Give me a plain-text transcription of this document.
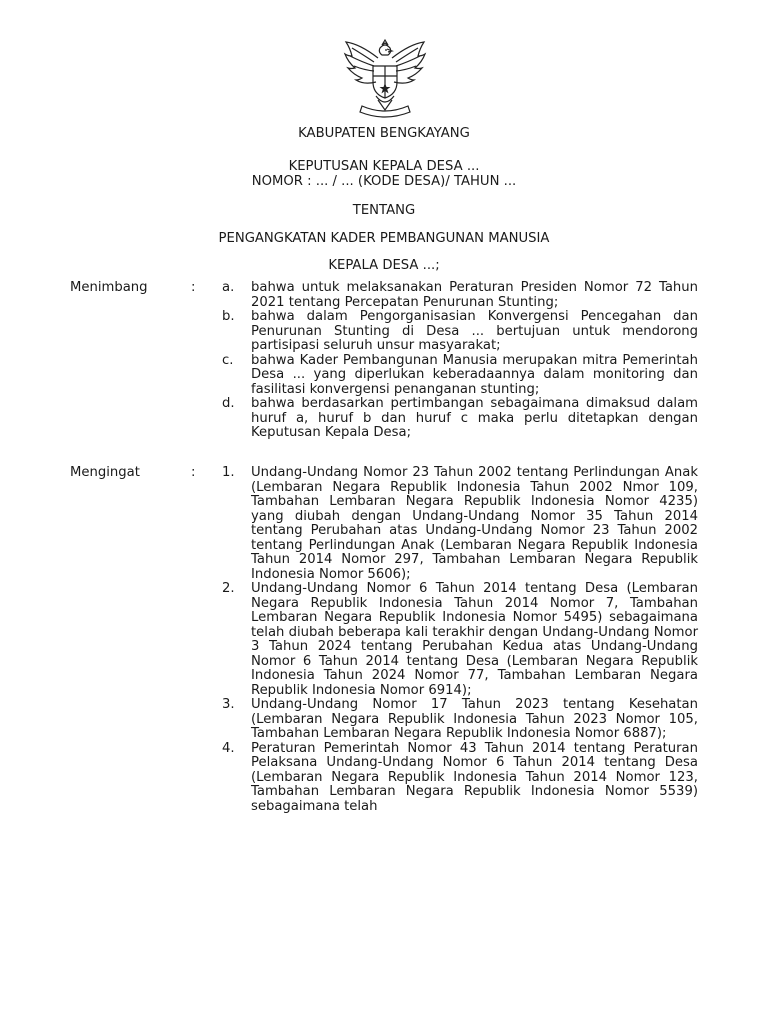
KABUPATEN BENGKAYANG
KEPUTUSAN KEPALA DESA ...
NOMOR : ... / ... (KODE DESA)/ TAHUN ...
TENTANG
PENGANGKATAN KADER PEMBANGUNAN MANUSIA
KEPALA DESA ...;
Menimbang	: a. bahwa untuk melaksanakan Peraturan Presiden Nomor 72 Tahun 2021 tentang Percepatan Penurunan Stunting;
b. bahwa dalam Pengorganisasian Konvergensi Pencegahan dan Penurunan Stunting di Desa ... bertujuan untuk mendorong partisipasi seluruh unsur masyarakat;
c. bahwa Kader Pembangunan Manusia merupakan mitra Pemerintah Desa ... yang diperlukan keberadaannya dalam monitoring dan fasilitasi konvergensi penanganan stunting;
d. bahwa berdasarkan pertimbangan sebagaimana dimaksud dalam huruf a, huruf b dan huruf c maka perlu ditetapkan dengan Keputusan Kepala Desa;
Mengingat	: 1. Undang-Undang Nomor 23 Tahun 2002 tentang Perlindungan Anak (Lembaran Negara Republik Indonesia Tahun 2002 Nmor 109, Tambahan Lembaran Negara Republik Indonesia Nomor 4235) yang diubah dengan Undang-Undang Nomor 35 Tahun 2014 tentang Perubahan atas Undang-Undang Nomor 23 Tahun 2002 tentang Perlindungan Anak (Lembaran Negara Republik Indonesia Tahun 2014 Nomor 297, Tambahan Lembaran Negara Republik Indonesia Nomor 5606);
2. Undang-Undang Nomor 6 Tahun 2014 tentang Desa (Lembaran Negara Republik Indonesia Tahun 2014 Nomor 7, Tambahan Lembaran Negara Republik Indonesia Nomor 5495) sebagaimana telah diubah beberapa kali terakhir dengan Undang-Undang Nomor 3 Tahun 2024 tentang Perubahan Kedua atas Undang-Undang Nomor 6 Tahun 2014 tentang Desa (Lembaran Negara Republik Indonesia Tahun 2024 Nomor 77, Tambahan Lembaran Negara Republik Indonesia Nomor 6914);
3. Undang-Undang Nomor 17 Tahun 2023 tentang Kesehatan (Lembaran Negara Republik Indonesia Tahun 2023 Nomor 105, Tambahan Lembaran Negara Republik Indonesia Nomor 6887);
4. Peraturan Pemerintah Nomor 43 Tahun 2014 tentang Peraturan Pelaksana Undang-Undang Nomor 6 Tahun 2014 tentang Desa (Lembaran Negara Republik Indonesia Tahun 2014 Nomor 123, Tambahan Lembaran Negara Republik Indonesia Nomor 5539) sebagaimana telah
